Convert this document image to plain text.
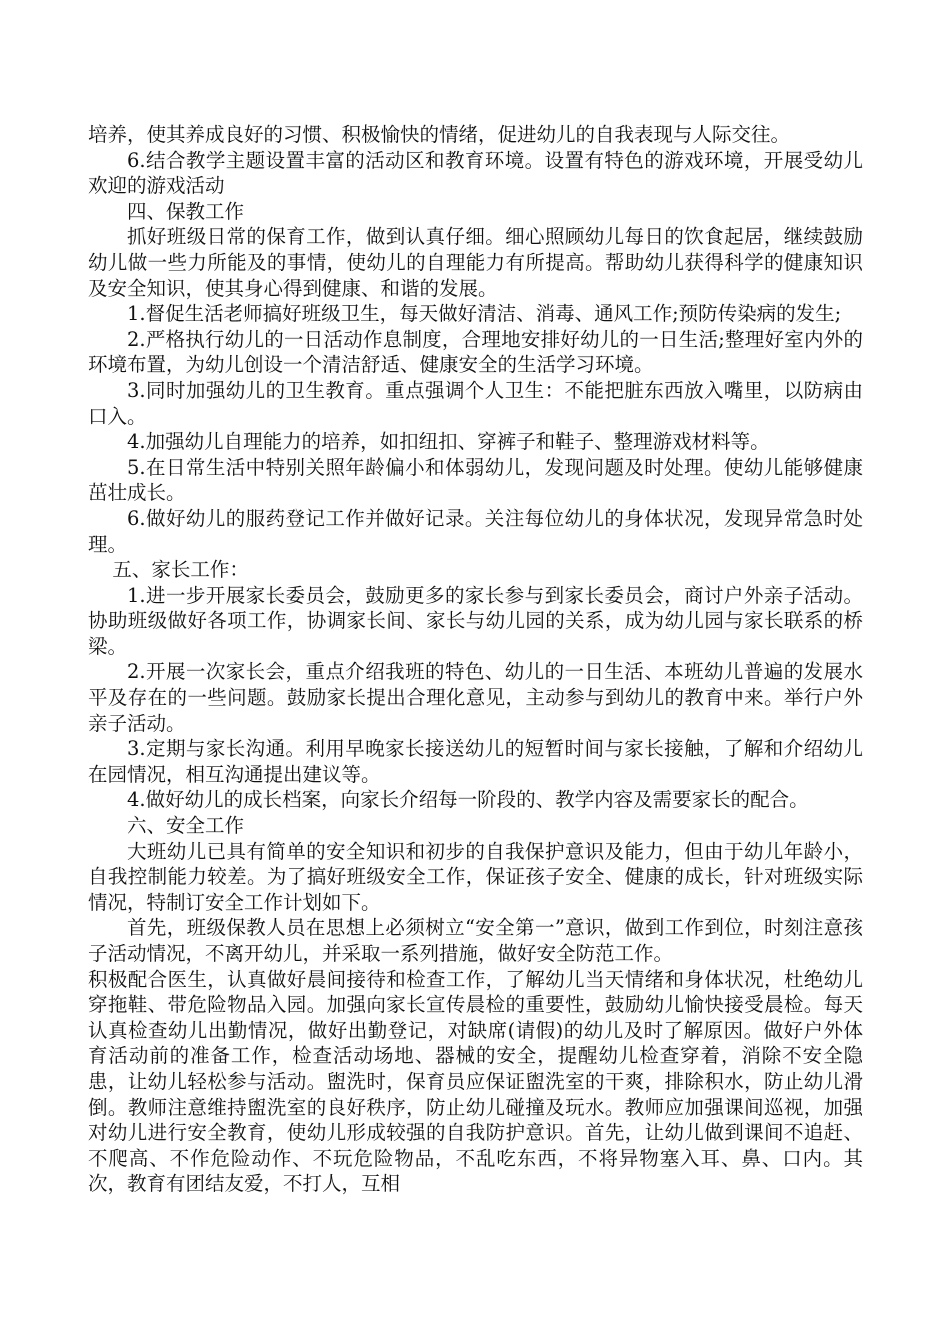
培养，使其养成良好的习惯、积极愉快的情绪，促进幼儿的自我表现与人际交往。

6.结合教学主题设置丰富的活动区和教育环境。设置有特色的游戏环境，开展受幼儿欢迎的游戏活动

四、保教工作

抓好班级日常的保育工作，做到认真仔细。细心照顾幼儿每日的饮食起居，继续鼓励幼儿做一些力所能及的事情，使幼儿的自理能力有所提高。帮助幼儿获得科学的健康知识及安全知识，使其身心得到健康、和谐的发展。

1.督促生活老师搞好班级卫生，每天做好清洁、消毒、通风工作;预防传染病的发生;

2.严格执行幼儿的一日活动作息制度，合理地安排好幼儿的一日生活;整理好室内外的环境布置，为幼儿创设一个清洁舒适、健康安全的生活学习环境。

3.同时加强幼儿的卫生教育。重点强调个人卫生：不能把脏东西放入嘴里，以防病由口入。

4.加强幼儿自理能力的培养，如扣纽扣、穿裤子和鞋子、整理游戏材料等。

5.在日常生活中特别关照年龄偏小和体弱幼儿，发现问题及时处理。使幼儿能够健康茁壮成长。

6.做好幼儿的服药登记工作并做好记录。关注每位幼儿的身体状况，发现异常急时处理。

五、家长工作：

1.进一步开展家长委员会，鼓励更多的家长参与到家长委员会，商讨户外亲子活动。协助班级做好各项工作，协调家长间、家长与幼儿园的关系，成为幼儿园与家长联系的桥梁。

2.开展一次家长会，重点介绍我班的特色、幼儿的一日生活、本班幼儿普遍的发展水平及存在的一些问题。鼓励家长提出合理化意见，主动参与到幼儿的教育中来。举行户外亲子活动。

3.定期与家长沟通。利用早晚家长接送幼儿的短暂时间与家长接触，了解和介绍幼儿在园情况，相互沟通提出建议等。

4.做好幼儿的成长档案，向家长介绍每一阶段的、教学内容及需要家长的配合。

六、安全工作

大班幼儿已具有简单的安全知识和初步的自我保护意识及能力，但由于幼儿年龄小，自我控制能力较差。为了搞好班级安全工作，保证孩子安全、健康的成长，针对班级实际情况，特制订安全工作计划如下。

首先，班级保教人员在思想上必须树立“安全第一”意识，做到工作到位，时刻注意孩子活动情况，不离开幼儿，并采取一系列措施，做好安全防范工作。

积极配合医生，认真做好晨间接待和检查工作，了解幼儿当天情绪和身体状况，杜绝幼儿穿拖鞋、带危险物品入园。加强向家长宣传晨检的重要性，鼓励幼儿愉快接受晨检。每天认真检查幼儿出勤情况，做好出勤登记，对缺席(请假)的幼儿及时了解原因。做好户外体育活动前的准备工作，检查活动场地、器械的安全，提醒幼儿检查穿着，消除不安全隐患，让幼儿轻松参与活动。盥洗时，保育员应保证盥洗室的干爽，排除积水，防止幼儿滑倒。教师注意维持盥洗室的良好秩序，防止幼儿碰撞及玩水。教师应加强课间巡视，加强对幼儿进行安全教育，使幼儿形成较强的自我防护意识。首先，让幼儿做到课间不追赶、不爬高、不作危险动作、不玩危险物品，不乱吃东西，不将异物塞入耳、鼻、口内。其次，教育有团结友爱，不打人，互相
